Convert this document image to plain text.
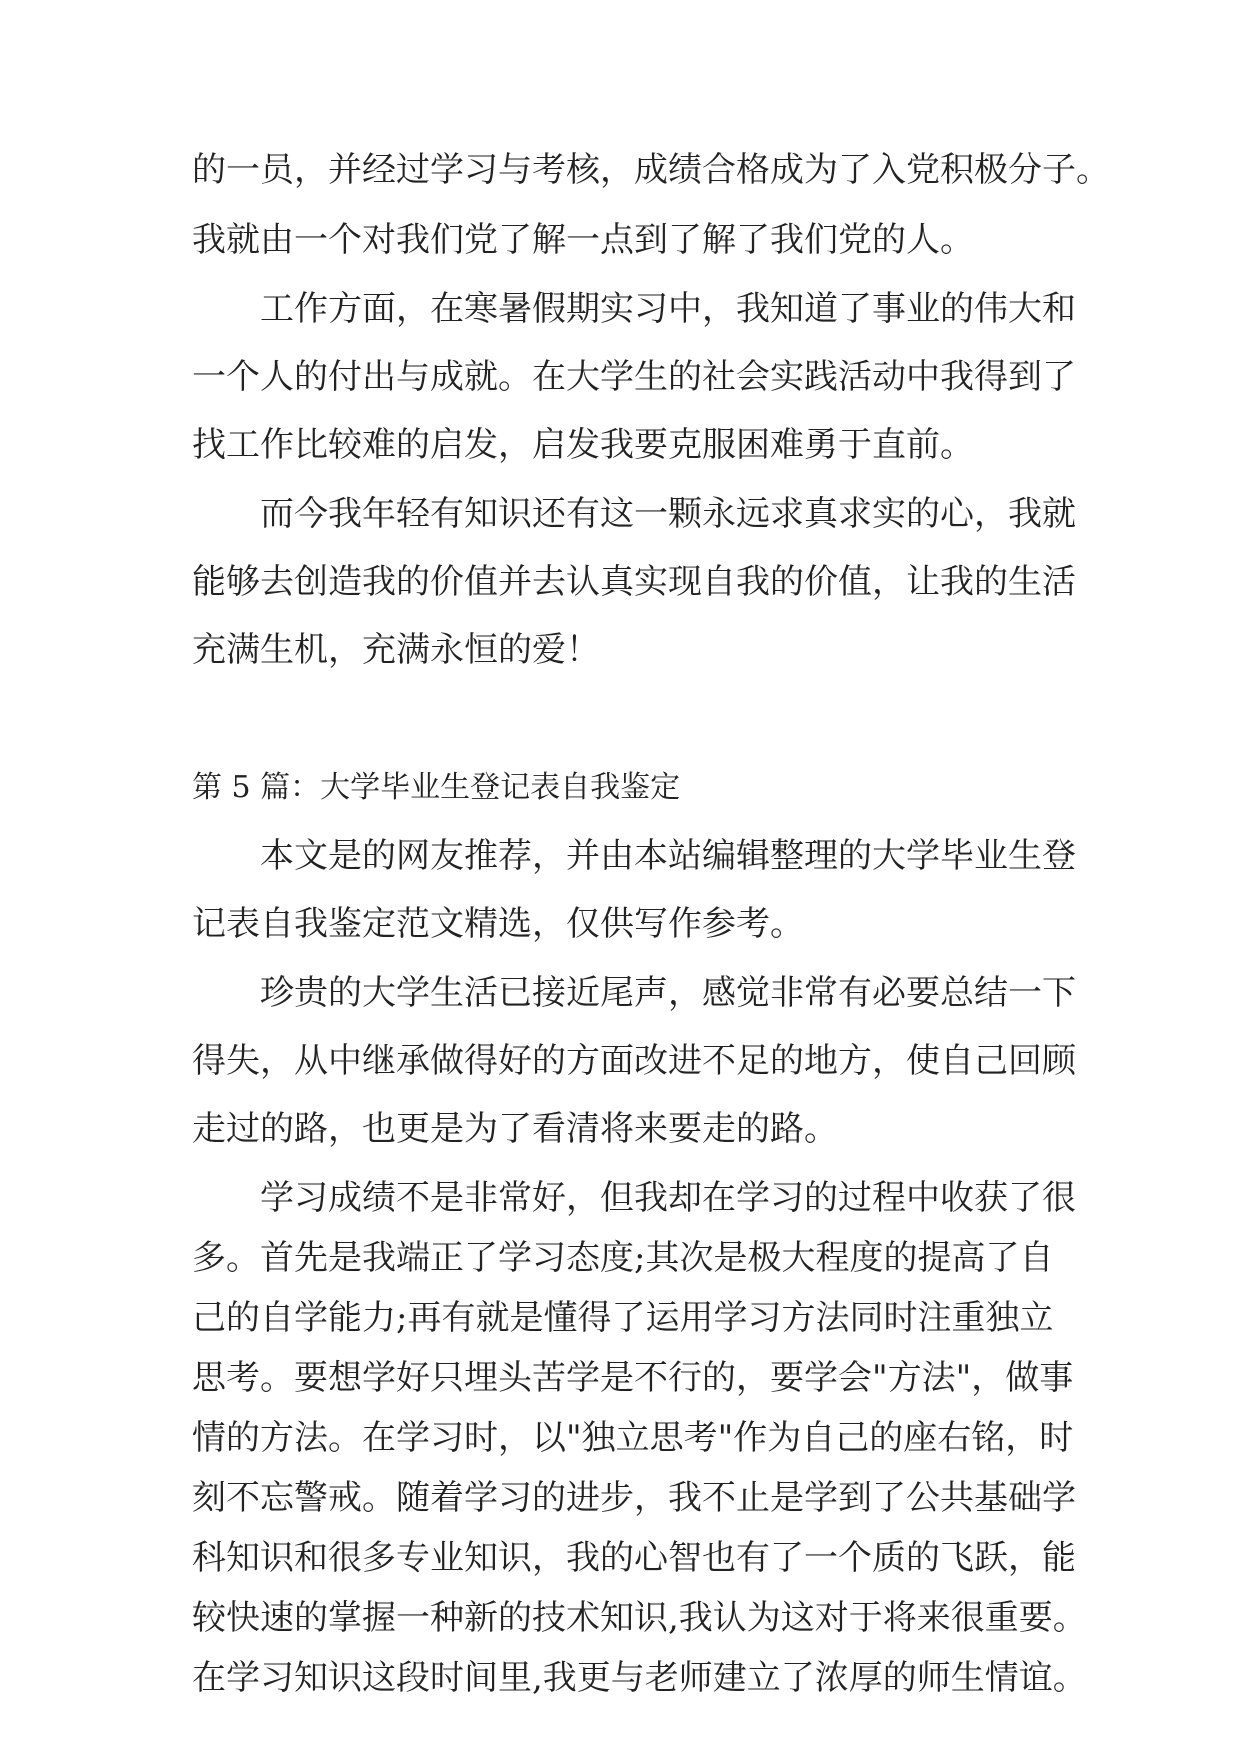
的一员，并经过学习与考核，成绩合格成为了入党积极分子。
我就由一个对我们党了解一点到了解了我们党的人。
工作方面，在寒暑假期实习中，我知道了事业的伟大和
一个人的付出与成就。在大学生的社会实践活动中我得到了
找工作比较难的启发，启发我要克服困难勇于直前。
而今我年轻有知识还有这一颗永远求真求实的心，我就
能够去创造我的价值并去认真实现自我的价值，让我的生活
充满生机，充满永恒的爱！
第 5 篇：大学毕业生登记表自我鉴定
本文是的网友推荐，并由本站编辑整理的大学毕业生登
记表自我鉴定范文精选，仅供写作参考。
珍贵的大学生活已接近尾声，感觉非常有必要总结一下
得失，从中继承做得好的方面改进不足的地方，使自己回顾
走过的路，也更是为了看清将来要走的路。
学习成绩不是非常好，但我却在学习的过程中收获了很
多。首先是我端正了学习态度;其次是极大程度的提高了自
己的自学能力;再有就是懂得了运用学习方法同时注重独立
思考。要想学好只埋头苦学是不行的，要学会"方法"，做事
情的方法。在学习时，以"独立思考"作为自己的座右铭，时
刻不忘警戒。随着学习的进步，我不止是学到了公共基础学
科知识和很多专业知识，我的心智也有了一个质的飞跃，能
较快速的掌握一种新的技术知识,我认为这对于将来很重要。
在学习知识这段时间里,我更与老师建立了浓厚的师生情谊。
